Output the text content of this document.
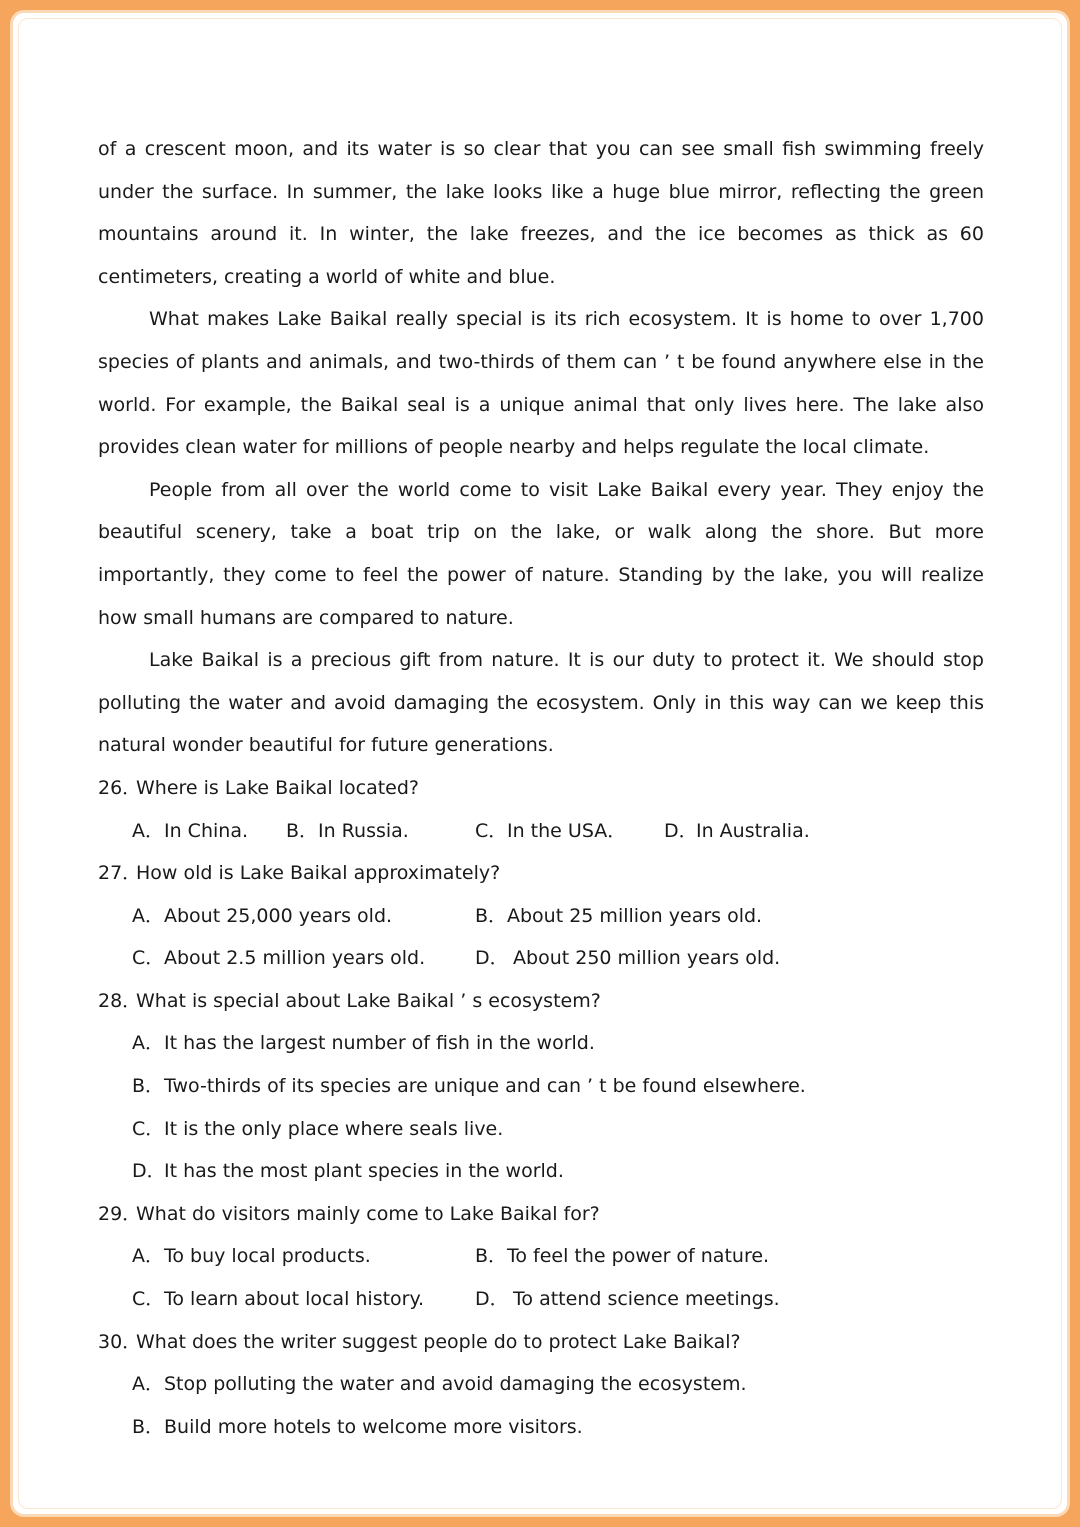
of a crescent moon, and its water is so clear that you can see small fish swimming freely under the surface. In summer, the lake looks like a huge blue mirror, reflecting the green mountains around it. In winter, the lake freezes, and the ice becomes as thick as 60 centimeters, creating a world of white and blue.

What makes Lake Baikal really special is its rich ecosystem. It is home to over 1,700 species of plants and animals, and two-thirds of them can ’ t be found anywhere else in the world. For example, the Baikal seal is a unique animal that only lives here. The lake also provides clean water for millions of people nearby and helps regulate the local climate.

People from all over the world come to visit Lake Baikal every year. They enjoy the beautiful scenery, take a boat trip on the lake, or walk along the shore. But more importantly, they come to feel the power of nature. Standing by the lake, you will realize how small humans are compared to nature.

Lake Baikal is a precious gift from nature. It is our duty to protect it. We should stop polluting the water and avoid damaging the ecosystem. Only in this way can we keep this natural wonder beautiful for future generations.

26．Where is Lake Baikal located?

A．In China.	B．In Russia.	C．In the USA．	D．In Australia.

27．How old is Lake Baikal approximately?

A．About 25,000 years old.	B．About 25 million years old.
C．About 2.5 million years old.	D． About 250 million years old.

28．What is special about Lake Baikal ’ s ecosystem?

A．It has the largest number of fish in the world.
B．Two-thirds of its species are unique and can ’ t be found elsewhere.
C．It is the only place where seals live.
D．It has the most plant species in the world.

29．What do visitors mainly come to Lake Baikal for?

A．To buy local products.	B．To feel the power of nature.
C．To learn about local history.	D． To attend science meetings.

30．What does the writer suggest people do to protect Lake Baikal?

A．Stop polluting the water and avoid damaging the ecosystem.
B．Build more hotels to welcome more visitors.
